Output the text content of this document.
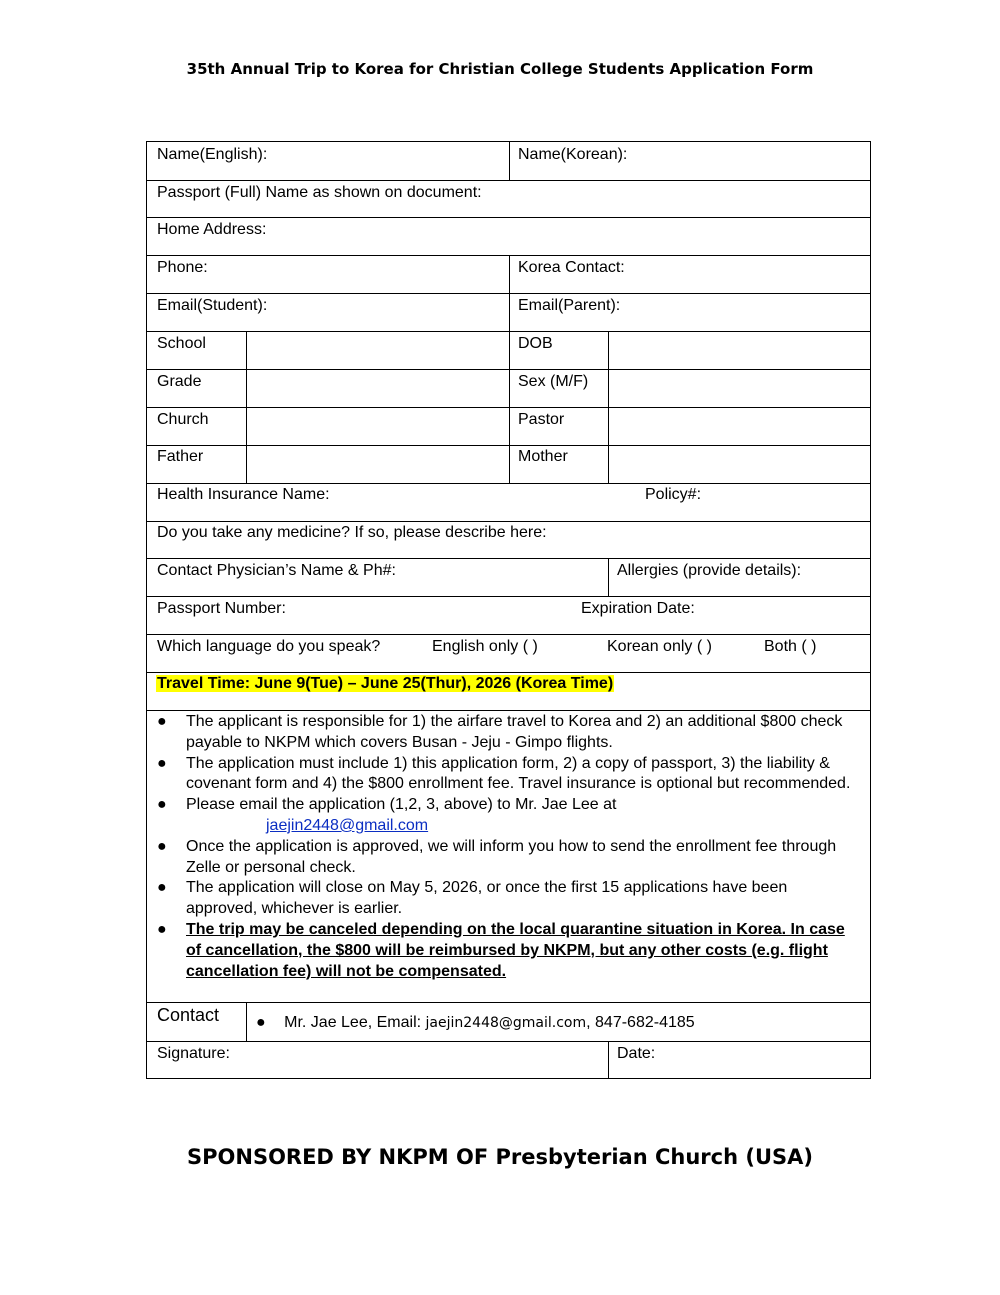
35th Annual Trip to Korea for Christian College Students Application Form
Name(English):	Name(Korean):
Passport (Full) Name as shown on document:
Home Address:
Phone:	Korea Contact:
Email(Student):	Email(Parent):
School	DOB
Grade	Sex (M/F)
Church	Pastor
Father	Mother
Health Insurance Name:	Policy#:
Do you take any medicine? If so, please describe here:
Contact Physician’s Name & Ph#:	Allergies (provide details):
Passport Number:	Expiration Date:
Which language do you speak?	English only ( )	Korean only ( )	Both ( )
Travel Time: June 9(Tue) – June 25(Thur), 2026 (Korea Time)
● The applicant is responsible for 1) the airfare travel to Korea and 2) an additional $800 check payable to NKPM which covers Busan - Jeju - Gimpo flights.
● The application must include 1) this application form, 2) a copy of passport, 3) the liability & covenant form and 4) the $800 enrollment fee. Travel insurance is optional but recommended.
● Please email the application (1,2, 3, above) to Mr. Jae Lee at
jaejin2448@gmail.com
● Once the application is approved, we will inform you how to send the enrollment fee through Zelle or personal check.
● The application will close on May 5, 2026, or once the first 15 applications have been approved, whichever is earlier.
● The trip may be canceled depending on the local quarantine situation in Korea. In case of cancellation, the $800 will be reimbursed by NKPM, but any other costs (e.g. flight cancellation fee) will not be compensated.
Contact ● Mr. Jae Lee, Email: jaejin2448@gmail.com, 847-682-4185
Signature:	Date:
SPONSORED BY NKPM OF Presbyterian Church (USA)
